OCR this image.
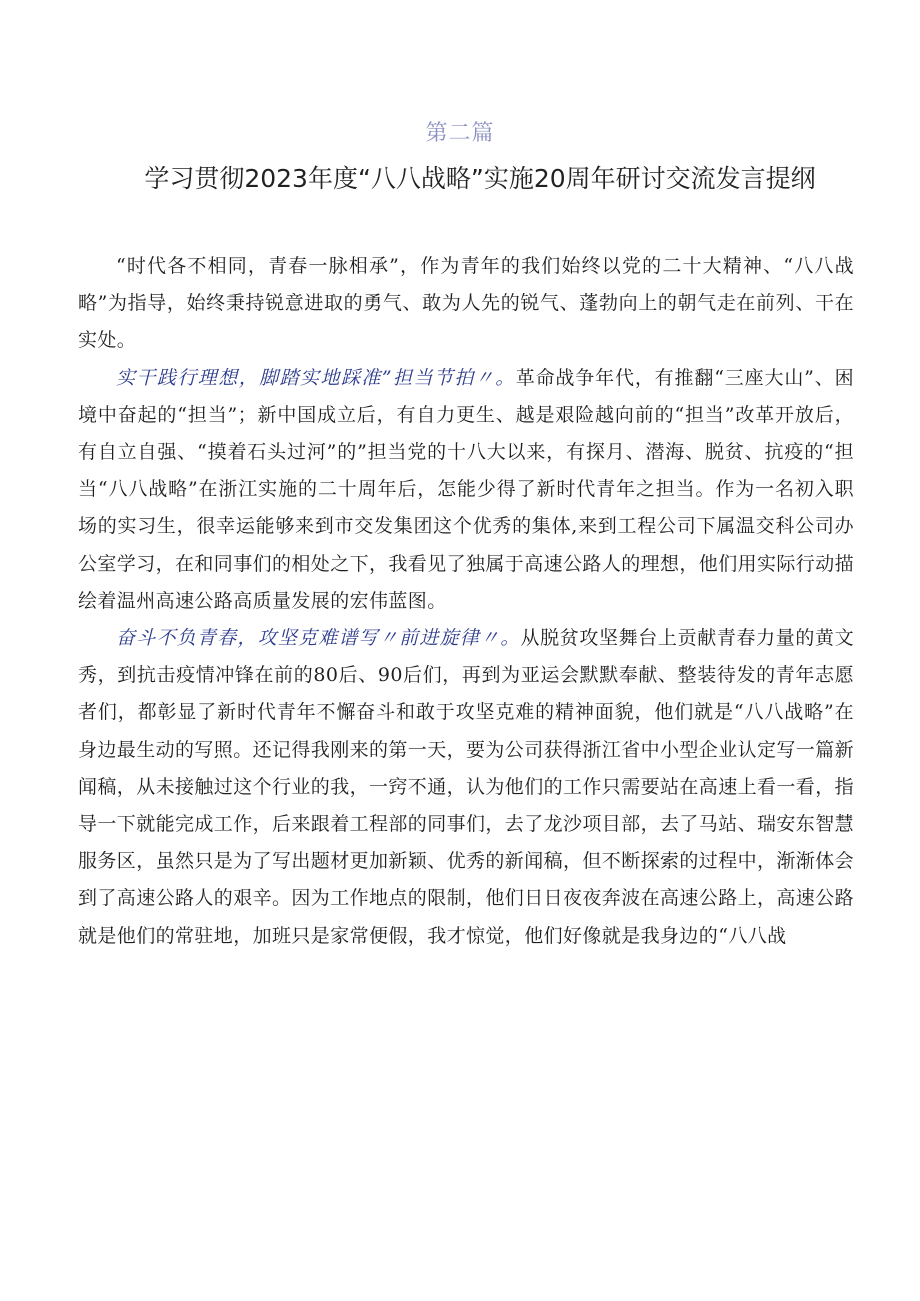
第二篇
学习贯彻2023年度“八八战略”实施20周年研讨交流发言提纲

“时代各不相同，青春一脉相承”，作为青年的我们始终以党的二十大精神、“八八战略”为指导，始终秉持锐意进取的勇气、敢为人先的锐气、蓬勃向上的朝气走在前列、干在实处。

实干践行理想，脚踏实地踩准”担当节拍〃。革命战争年代，有推翻“三座大山”、困境中奋起的“担当”；新中国成立后，有自力更生、越是艰险越向前的“担当”改革开放后，有自立自强、“摸着石头过河”的”担当党的十八大以来，有探月、潜海、脱贫、抗疫的“担当“八八战略”在浙江实施的二十周年后，怎能少得了新时代青年之担当。作为一名初入职场的实习生，很幸运能够来到市交发集团这个优秀的集体,来到工程公司下属温交科公司办公室学习，在和同事们的相处之下，我看见了独属于高速公路人的理想，他们用实际行动描绘着温州高速公路高质量发展的宏伟蓝图。

奋斗不负青春，攻坚克难谱写〃前进旋律〃。从脱贫攻坚舞台上贡献青春力量的黄文秀，到抗击疫情冲锋在前的80后、90后们，再到为亚运会默默奉献、整装待发的青年志愿者们，都彰显了新时代青年不懈奋斗和敢于攻坚克难的精神面貌，他们就是“八八战略”在身边最生动的写照。还记得我刚来的第一天，要为公司获得浙江省中小型企业认定写一篇新闻稿，从未接触过这个行业的我，一窍不通，认为他们的工作只需要站在高速上看一看，指导一下就能完成工作，后来跟着工程部的同事们，去了龙沙项目部，去了马站、瑞安东智慧服务区，虽然只是为了写出题材更加新颖、优秀的新闻稿，但不断探索的过程中，渐渐体会到了高速公路人的艰辛。因为工作地点的限制，他们日日夜夜奔波在高速公路上，高速公路就是他们的常驻地，加班只是家常便假，我才惊觉，他们好像就是我身边的“八八战
